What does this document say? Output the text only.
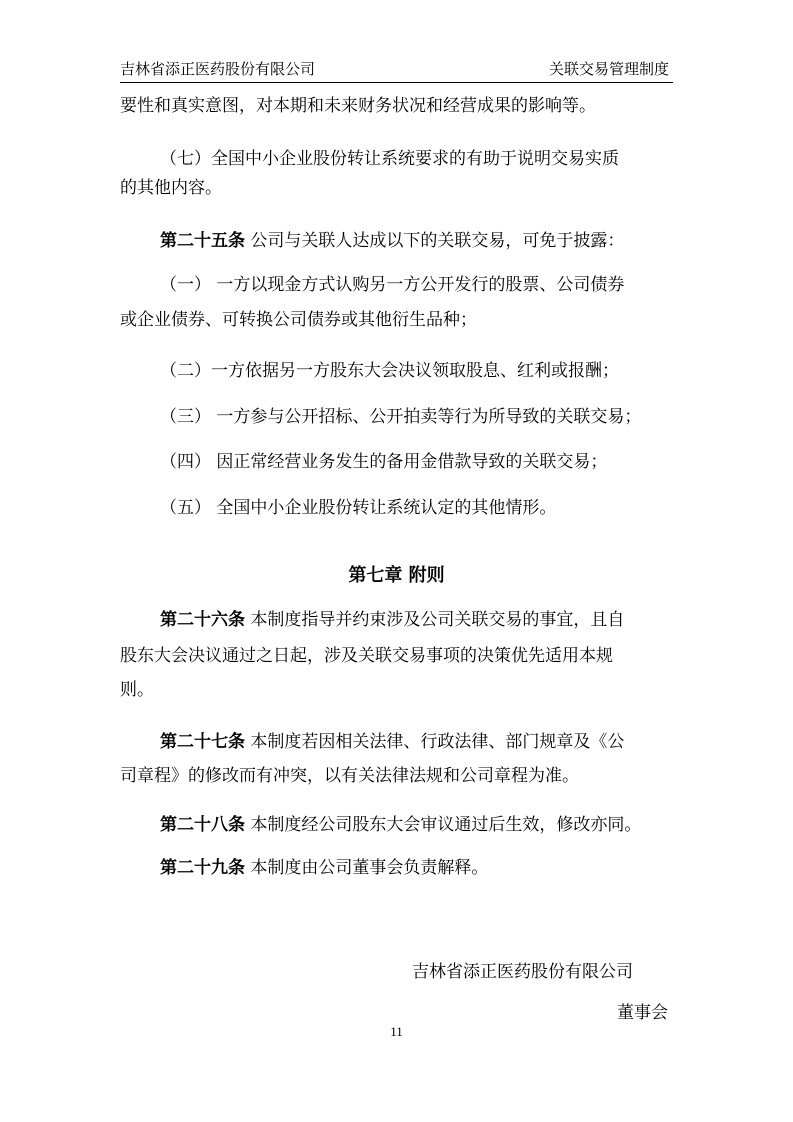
吉林省添正医药股份有限公司	关联交易管理制度
要性和真实意图，对本期和未来财务状况和经营成果的影响等。
（七）全国中小企业股份转让系统要求的有助于说明交易实质
的其他内容。
第二十五条 公司与关联人达成以下的关联交易，可免于披露：
（一） 一方以现金方式认购另一方公开发行的股票、公司债券
或企业债券、可转换公司债券或其他衍生品种；
（二）一方依据另一方股东大会决议领取股息、红利或报酬；
（三） 一方参与公开招标、公开拍卖等行为所导致的关联交易；
（四） 因正常经营业务发生的备用金借款导致的关联交易；
（五） 全国中小企业股份转让系统认定的其他情形。
第七章 附则
第二十六条 本制度指导并约束涉及公司关联交易的事宜，且自
股东大会决议通过之日起，涉及关联交易事项的决策优先适用本规
则。
第二十七条 本制度若因相关法律、行政法律、部门规章及《公
司章程》的修改而有冲突，以有关法律法规和公司章程为准。
第二十八条 本制度经公司股东大会审议通过后生效，修改亦同。
第二十九条 本制度由公司董事会负责解释。
吉林省添正医药股份有限公司
董事会
11
